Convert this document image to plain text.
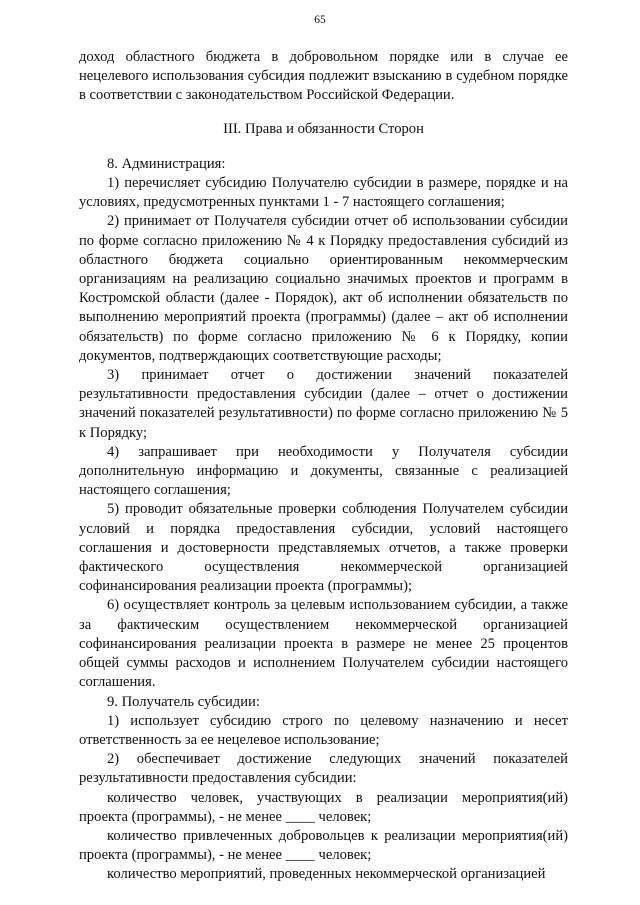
65

доход областного бюджета в добровольном порядке или в случае ее нецелевого использования субсидия подлежит взысканию в судебном порядке в соответствии с законодательством Российской Федерации.

III. Права и обязанности Сторон

8. Администрация:

1) перечисляет субсидию Получателю субсидии в размере, порядке и на условиях, предусмотренных пунктами 1 - 7 настоящего соглашения;

2) принимает от Получателя субсидии отчет об использовании субсидии по форме согласно приложению № 4 к Порядку предоставления субсидий из областного бюджета социально ориентированным некоммерческим организациям на реализацию социально значимых проектов и программ в Костромской области (далее - Порядок), акт об исполнении обязательств по выполнению мероприятий проекта (программы) (далее – акт об исполнении обязательств) по форме согласно приложению № 6 к Порядку, копии документов, подтверждающих соответствующие расходы;

3) принимает отчет о достижении значений показателей результативности предоставления субсидии (далее – отчет о достижении значений показателей результативности) по форме согласно приложению № 5 к Порядку;

4) запрашивает при необходимости у Получателя субсидии дополнительную информацию и документы, связанные с реализацией настоящего соглашения;

5) проводит обязательные проверки соблюдения Получателем субсидии условий и порядка предоставления субсидии, условий настоящего соглашения и достоверности представляемых отчетов, а также проверки фактического осуществления некоммерческой организацией софинансирования реализации проекта (программы);

6) осуществляет контроль за целевым использованием субсидии, а также за фактическим осуществлением некоммерческой организацией софинансирования реализации проекта в размере не менее 25 процентов общей суммы расходов и исполнением Получателем субсидии настоящего соглашения.

9. Получатель субсидии:

1) использует субсидию строго по целевому назначению и несет ответственность за ее нецелевое использование;

2) обеспечивает достижение следующих значений показателей результативности предоставления субсидии:

количество человек, участвующих в реализации мероприятия(ий) проекта (программы), - не менее ____ человек;

количество привлеченных добровольцев к реализации мероприятия(ий) проекта (программы), - не менее ____ человек;

количество мероприятий, проведенных некоммерческой организацией
